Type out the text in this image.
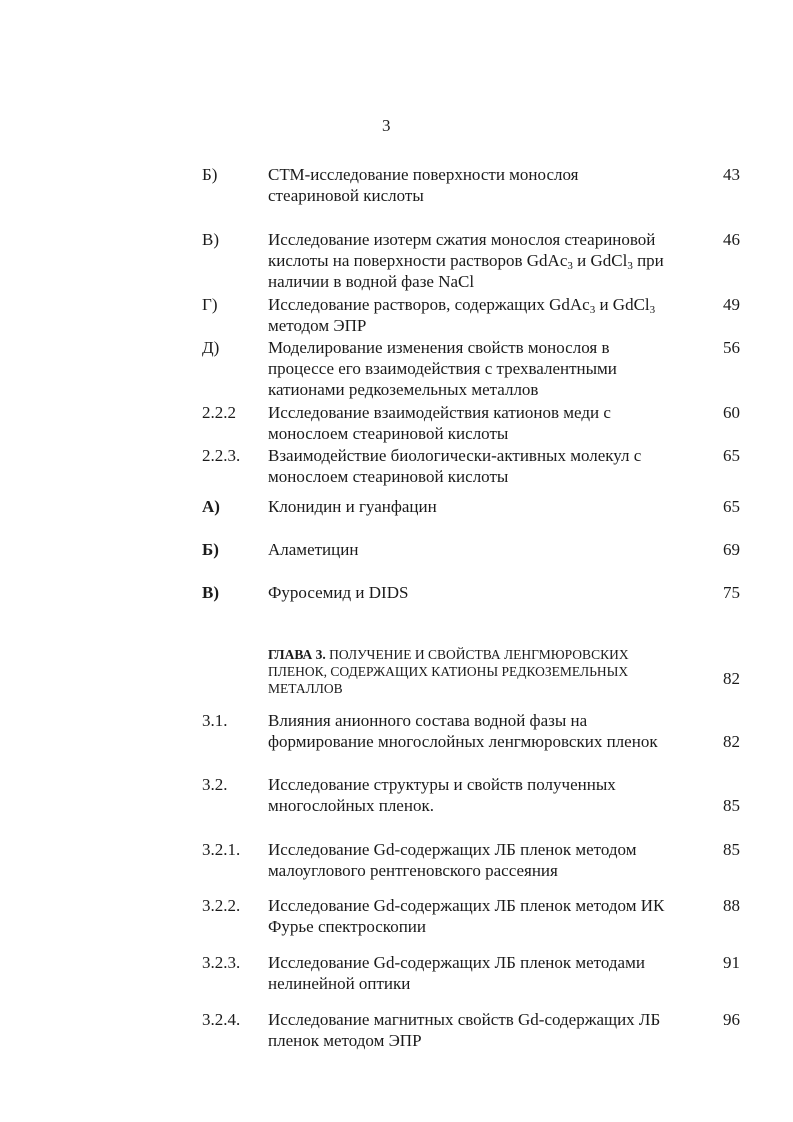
3
Б)	СТМ-исследование поверхности монослоя
стеариновой кислоты
43
В)	Исследование изотерм сжатия монослоя стеариновой
кислоты на поверхности растворов GdAc$_3$ и GdCl$_3$ при
наличии в водной фазе NaCl
46
Г)	Исследование растворов, содержащих GdAc$_3$ и GdCl$_3$
методом ЭПР
49
Д)	Моделирование изменения свойств монослоя в
процессе его взаимодействия с трехвалентными
катионами редкоземельных металлов
56
2.2.2 Исследование взаимодействия катионов меди с
монослоем стеариновой кислоты
60
2.2.3. Взаимодействие биологически-активных молекул с
монослоем стеариновой кислоты
65
А)	Клонидин и гуанфацин	65
Б)	Аламетицин	69
В)	Фуросемид и DIDS	75
ГЛАВА 3. ПОЛУЧЕНИЕ И СВОЙСТВА ЛЕНГМЮРОВСКИХ
ПЛЕНОК, СОДЕРЖАЩИХ КАТИОНЫ РЕДКОЗЕМЕЛЬНЫХ
МЕТАЛЛОВ
82
3.1. Влияния анионного состава водной фазы на
формирование многослойных ленгмюровских пленок	82
3.2. Исследование структуры и свойств полученных
многослойных пленок.	85
3.2.1. Исследование Gd-содержащих ЛБ пленок методом
малоуглового рентгеновского рассеяния
85
3.2.2. Исследование Gd-содержащих ЛБ пленок методом ИК
Фурье спектроскопии
88
3.2.3. Исследование Gd-содержащих ЛБ пленок методами
нелинейной оптики
91
3.2.4. Исследование магнитных свойств Gd-содержащих ЛБ
пленок методом ЭПР
96
